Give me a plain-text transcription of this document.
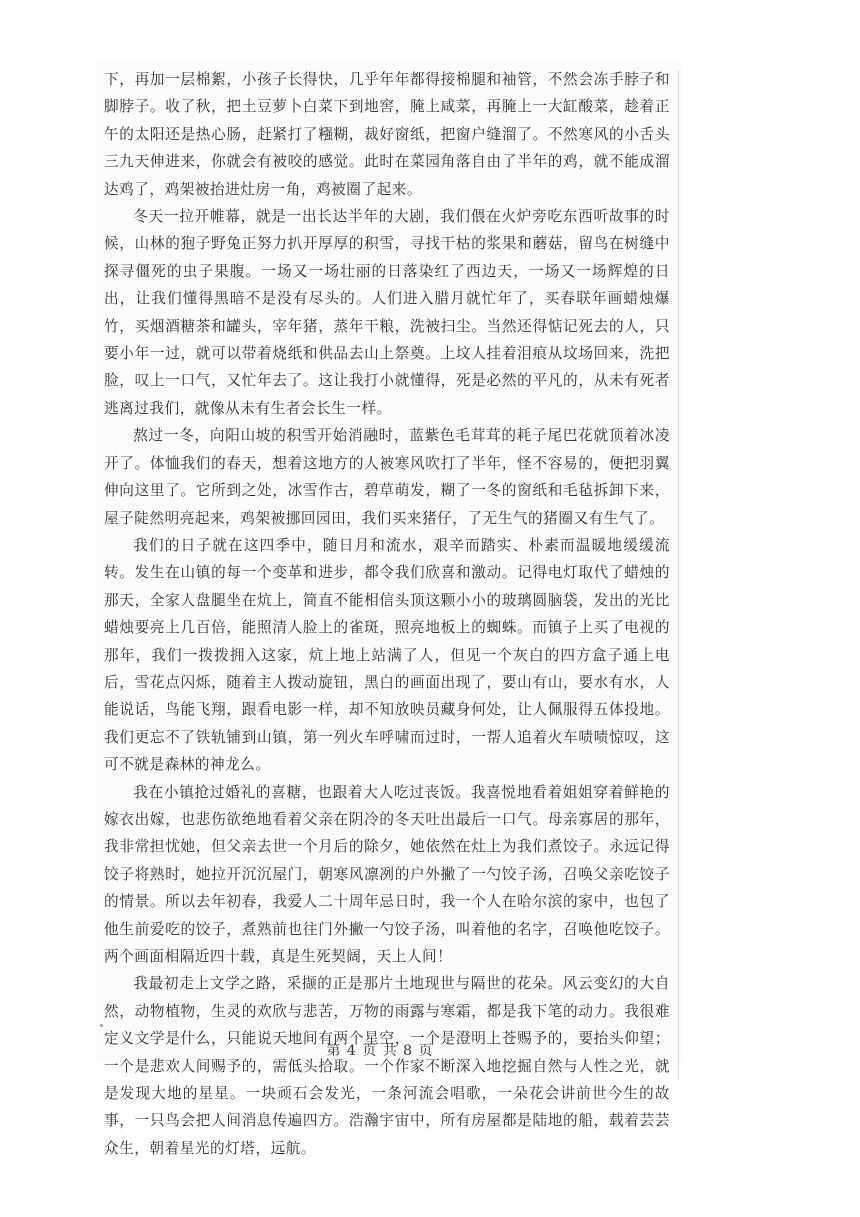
下，再加一层棉絮，小孩子长得快，几乎年年都得接棉腿和袖管，不然会冻手脖子和脚脖子。收了秋，把土豆萝卜白菜下到地窖，腌上咸菜，再腌上一大缸酸菜，趁着正午的太阳还是热心肠，赶紧打了糨糊，裁好窗纸，把窗户缝溜了。不然寒风的小舌头三九天伸进来，你就会有被咬的感觉。此时在菜园角落自由了半年的鸡，就不能成溜达鸡了，鸡架被抬进灶房一角，鸡被圈了起来。

冬天一拉开帷幕，就是一出长达半年的大剧，我们偎在火炉旁吃东西听故事的时候，山林的狍子野兔正努力扒开厚厚的积雪，寻找干枯的浆果和蘑菇，留鸟在树缝中探寻僵死的虫子果腹。一场又一场壮丽的日落染红了西边天，一场又一场辉煌的日出，让我们懂得黑暗不是没有尽头的。人们进入腊月就忙年了，买春联年画蜡烛爆竹，买烟酒糖茶和罐头，宰年猪，蒸年干粮，洗被扫尘。当然还得惦记死去的人，只要小年一过，就可以带着烧纸和供品去山上祭奠。上坟人挂着泪痕从坟场回来，洗把脸，叹上一口气，又忙年去了。这让我打小就懂得，死是必然的平凡的，从未有死者逃离过我们，就像从未有生者会长生一样。

熬过一冬，向阳山坡的积雪开始消融时，蓝紫色毛茸茸的耗子尾巴花就顶着冰凌开了。体恤我们的春天，想着这地方的人被寒风吹打了半年，怪不容易的，便把羽翼伸向这里了。它所到之处，冰雪作古，碧草萌发，糊了一冬的窗纸和毛毡拆卸下来，屋子陡然明亮起来，鸡架被挪回园田，我们买来猪仔，了无生气的猪圈又有生气了。

我们的日子就在这四季中，随日月和流水，艰辛而踏实、朴素而温暖地缓缓流转。发生在山镇的每一个变革和进步，都令我们欣喜和激动。记得电灯取代了蜡烛的那天，全家人盘腿坐在炕上，简直不能相信头顶这颗小小的玻璃圆脑袋，发出的光比蜡烛要亮上几百倍，能照清人脸上的雀斑，照亮地板上的蜘蛛。而镇子上买了电视的那年，我们一拨拨拥入这家，炕上地上站满了人，但见一个灰白的四方盒子通上电后，雪花点闪烁，随着主人拨动旋钮，黑白的画面出现了，要山有山，要水有水，人能说话，鸟能飞翔，跟看电影一样，却不知放映员藏身何处，让人佩服得五体投地。我们更忘不了铁轨铺到山镇，第一列火车呼啸而过时，一帮人追着火车啧啧惊叹，这可不就是森林的神龙么。

我在小镇抢过婚礼的喜糖，也跟着大人吃过丧饭。我喜悦地看着姐姐穿着鲜艳的嫁衣出嫁，也悲伤欲绝地看着父亲在阴冷的冬天吐出最后一口气。母亲寡居的那年，我非常担忧她，但父亲去世一个月后的除夕，她依然在灶上为我们煮饺子。永远记得饺子将熟时，她拉开沉沉屋门，朝寒风凛冽的户外撇了一勺饺子汤，召唤父亲吃饺子的情景。所以去年初春，我爱人二十周年忌日时，我一个人在哈尔滨的家中，也包了他生前爱吃的饺子，煮熟前也往门外撇一勺饺子汤，叫着他的名字，召唤他吃饺子。两个画面相隔近四十载，真是生死契阔，天上人间！

我最初走上文学之路，采撷的正是那片土地现世与隔世的花朵。风云变幻的大自然，动物植物，生灵的欢欣与悲苦，万物的雨露与寒霜，都是我下笔的动力。我很难定义文学是什么，只能说天地间有两个星空，一个是澄明上苍赐予的，要抬头仰望；一个是悲欢人间赐予的，需低头拾取。一个作家不断深入地挖掘自然与人性之光，就是发现大地的星星。一块顽石会发光，一条河流会唱歌，一朵花会讲前世今生的故事，一只鸟会把人间消息传遍四方。浩瀚宇宙中，所有房屋都是陆地的船，载着芸芸众生，朝着星光的灯塔，远航。

第 4 页 共 8 页
